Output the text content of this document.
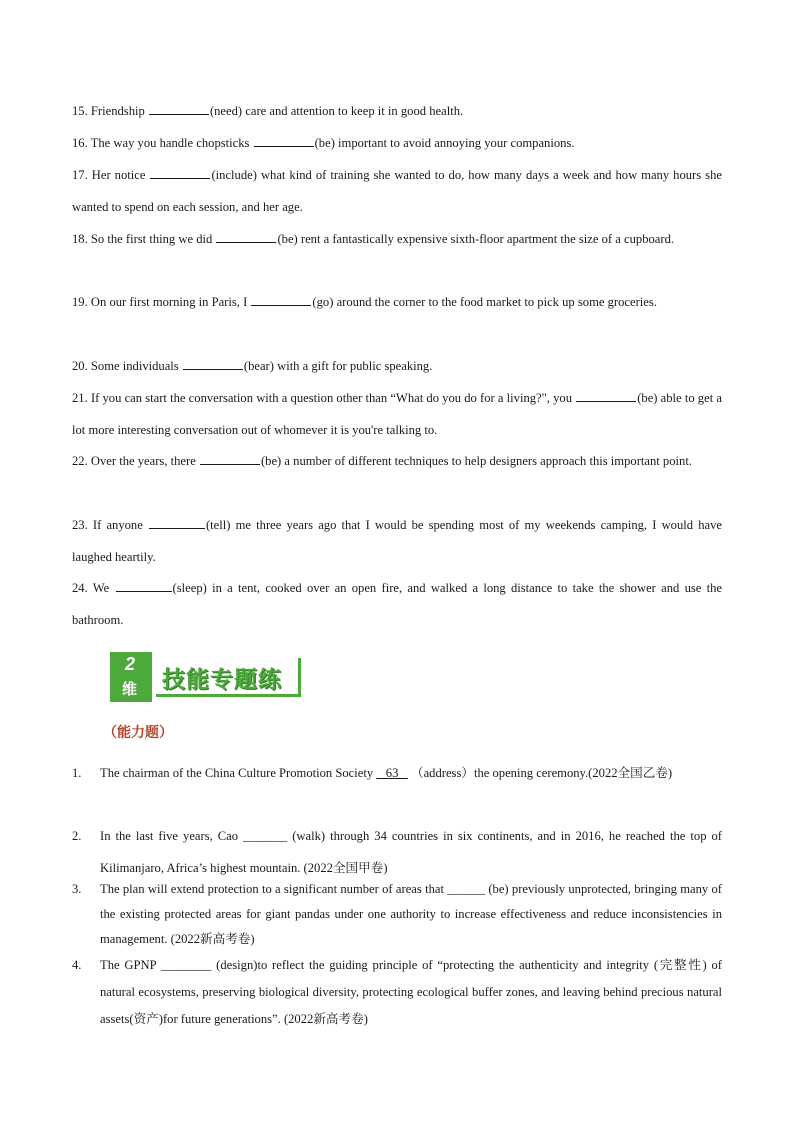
15. Friendship	(need) care and attention to keep it in good health.
16. The way you handle chopsticks	(be) important to avoid annoying your companions.
17. Her notice	(include) what kind of training she wanted to do, how many days a week and how many hours she wanted to spend on each session, and her age.
18. So the first thing we did	(be) rent a fantastically expensive sixth-floor apartment the size of a cupboard.
19. On our first morning in Paris, I	(go) around the corner to the food market to pick up some groceries.
20. Some individuals	(bear) with a gift for public speaking.
21. If you can start the conversation with a question other than “What do you do for a living?", you	(be) able to get a lot more interesting conversation out of whomever it is you're talking to.
22. Over the years, there	(be) a number of different techniques to help designers approach this important point.
23. If anyone	(tell) me three years ago that I would be spending most of my weekends camping, I would have laughed heartily.
24. We	(sleep) in a tent, cooked over an open fire, and walked a long distance to take the shower and use the bathroom.
2
维 技能专题练
（能力题）
1.	The chairman of the China Culture Promotion Society 63 （address）the opening ceremony.(2022全国乙卷)
2.	In the last five years, Cao _______ (walk) through 34 countries in six continents, and in 2016, he reached the top of Kilimanjaro, Africa’s highest mountain. (2022全国甲卷)
3.	The plan will extend protection to a significant number of areas that ______ (be) previously unprotected, bringing many of the existing protected areas for giant pandas under one authority to increase effectiveness and reduce inconsistencies in management. (2022新高考卷)
4.	The GPNP ________ (design)to reflect the guiding principle of “protecting the authenticity and integrity (完整性) of natural ecosystems, preserving biological diversity, protecting ecological buffer zones, and leaving behind precious natural assets(资产)for future generations”. (2022新高考卷)
